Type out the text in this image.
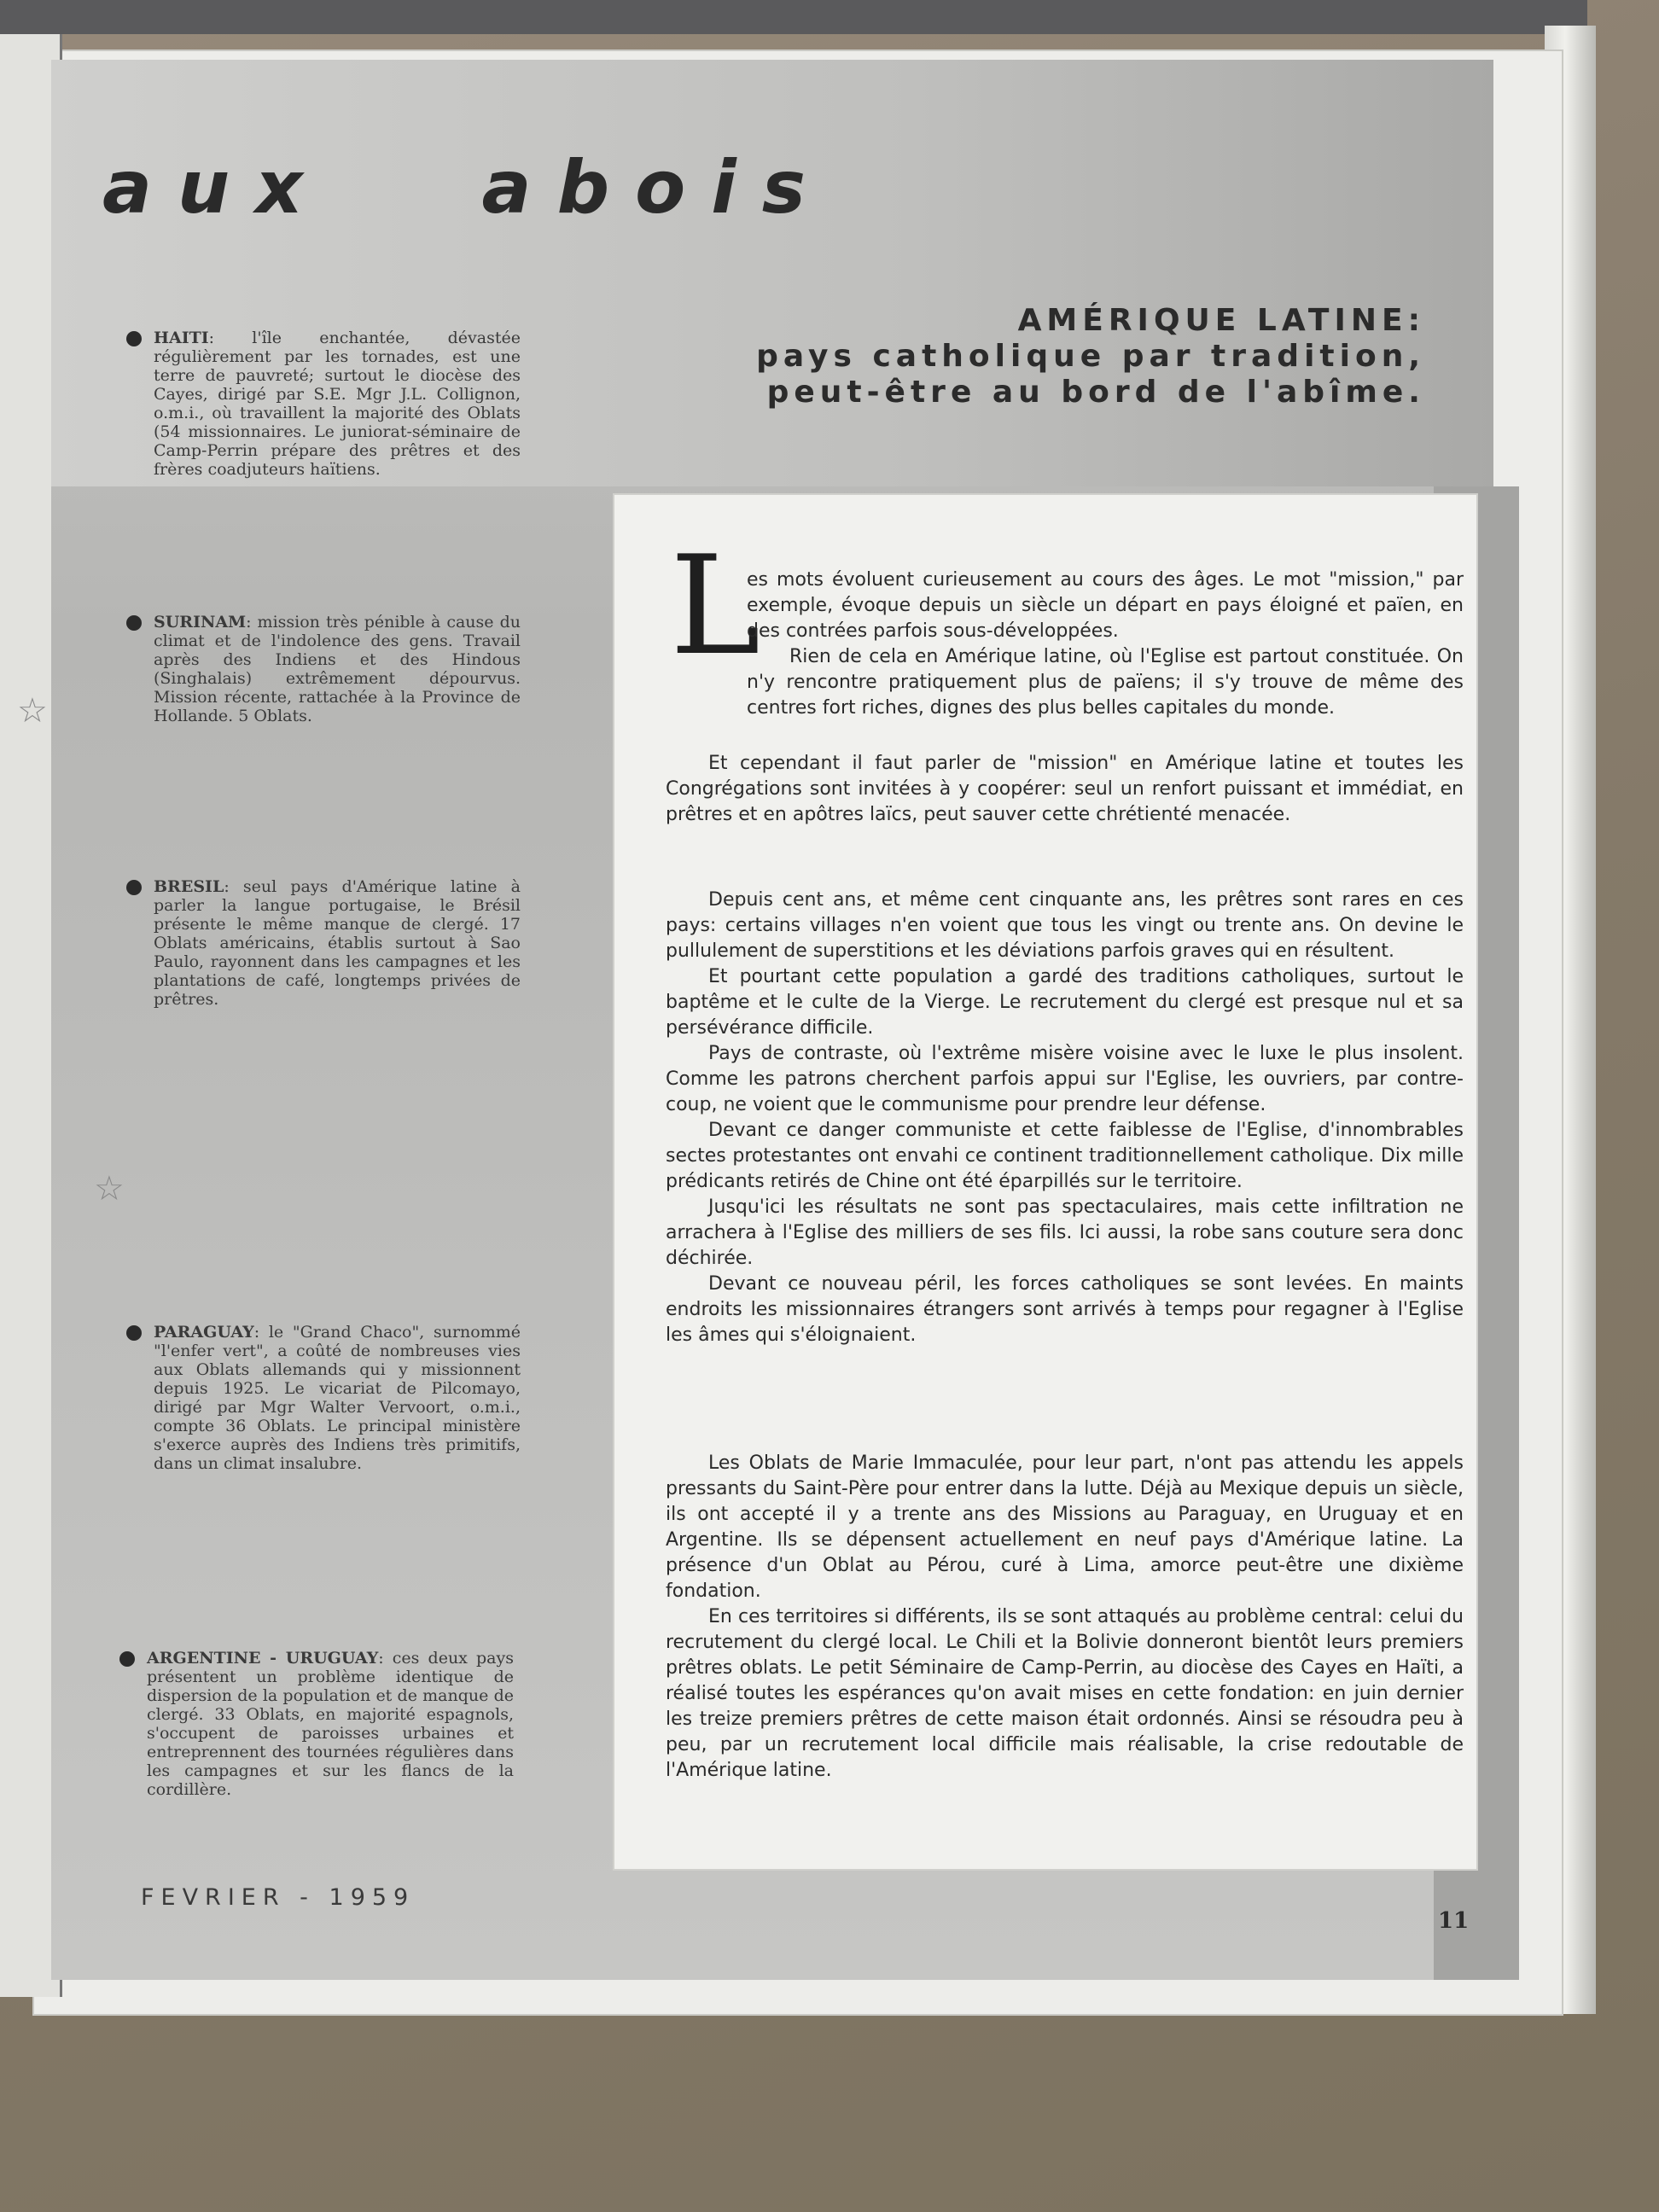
☆
☆
aux   abois
AMÉRIQUE LATINE:
pays catholique par tradition,
peut-être au bord de l'abîme.
HAITI: l'île enchantée, dévastée régulièrement par les tornades, est une terre de pauvreté; surtout le diocèse des Cayes, dirigé par S.E. Mgr J.L. Collignon, o.m.i., où travaillent la majorité des Oblats (54 missionnaires. Le juniorat-séminaire de Camp-Perrin prépare des prêtres et des frères coadjuteurs haïtiens.
SURINAM: mission très pénible à cause du climat et de l'indolence des gens. Travail après des Indiens et des Hindous (Singhalais) extrêmement dépourvus. Mission récente, rattachée à la Province de Hollande. 5 Oblats.
BRESIL: seul pays d'Amérique latine à parler la langue portugaise, le Brésil présente le même manque de clergé. 17 Oblats américains, établis surtout à Sao Paulo, rayonnent dans les campagnes et les plantations de café, longtemps privées de prêtres.
PARAGUAY: le "Grand Chaco", surnommé "l'enfer vert", a coûté de nombreuses vies aux Oblats allemands qui y missionnent depuis 1925. Le vicariat de Pilcomayo, dirigé par Mgr Walter Vervoort, o.m.i., compte 36 Oblats. Le principal ministère s'exerce auprès des Indiens très primitifs, dans un climat insalubre.
ARGENTINE - URUGUAY: ces deux pays présentent un problème identique de dispersion de la population et de manque de clergé. 33 Oblats, en majorité espagnols, s'occupent de paroisses urbaines et entreprennent des tournées régulières dans les campagnes et sur les flancs de la cordillère.
L

es mots évoluent curieusement au cours des âges. Le mot "mission," par exemple, évoque depuis un siècle un départ en pays éloigné et païen, en des contrées parfois sous-développées.

Rien de cela en Amérique latine, où l'Eglise est partout constituée. On n'y rencontre pratiquement plus de païens; il s'y trouve de même des centres fort riches, dignes des plus belles capitales du monde.

Et cependant il faut parler de "mission" en Amérique latine et toutes les Congrégations sont invitées à y coopérer: seul un renfort puissant et immédiat, en prêtres et en apôtres laïcs, peut sauver cette chrétienté menacée.

Depuis cent ans, et même cent cinquante ans, les prêtres sont rares en ces pays: certains villages n'en voient que tous les vingt ou trente ans. On devine le pullulement de superstitions et les déviations parfois graves qui en résultent.

Et pourtant cette population a gardé des traditions catholiques, surtout le baptême et le culte de la Vierge. Le recrutement du clergé est presque nul et sa persévérance difficile.

Pays de contraste, où l'extrême misère voisine avec le luxe le plus insolent. Comme les patrons cherchent parfois appui sur l'Eglise, les ouvriers, par contre-coup, ne voient que le communisme pour prendre leur défense.

Devant ce danger communiste et cette faiblesse de l'Eglise, d'innombrables sectes protestantes ont envahi ce continent traditionnellement catholique. Dix mille prédicants retirés de Chine ont été éparpillés sur le territoire.

Jusqu'ici les résultats ne sont pas spectaculaires, mais cette infiltration ne arrachera à l'Eglise des milliers de ses fils. Ici aussi, la robe sans couture sera donc déchirée.

Devant ce nouveau péril, les forces catholiques se sont levées. En maints endroits les missionnaires étrangers sont arrivés à temps pour regagner à l'Eglise les âmes qui s'éloignaient.

Les Oblats de Marie Immaculée, pour leur part, n'ont pas attendu les appels pressants du Saint-Père pour entrer dans la lutte. Déjà au Mexique depuis un siècle, ils ont accepté il y a trente ans des Missions au Paraguay, en Uruguay et en Argentine. Ils se dépensent actuellement en neuf pays d'Amérique latine. La présence d'un Oblat au Pérou, curé à Lima, amorce peut-être une dixième fondation.

En ces territoires si différents, ils se sont attaqués au problème central: celui du recrutement du clergé local. Le Chili et la Bolivie donneront bientôt leurs premiers prêtres oblats. Le petit Séminaire de Camp-Perrin, au diocèse des Cayes en Haïti, a réalisé toutes les espérances qu'on avait mises en cette fondation: en juin dernier les treize premiers prêtres de cette maison était ordonnés. Ainsi se résoudra peu à peu, par un recrutement local difficile mais réalisable, la crise redoutable de l'Amérique latine.

FEVRIER - 1959
11
